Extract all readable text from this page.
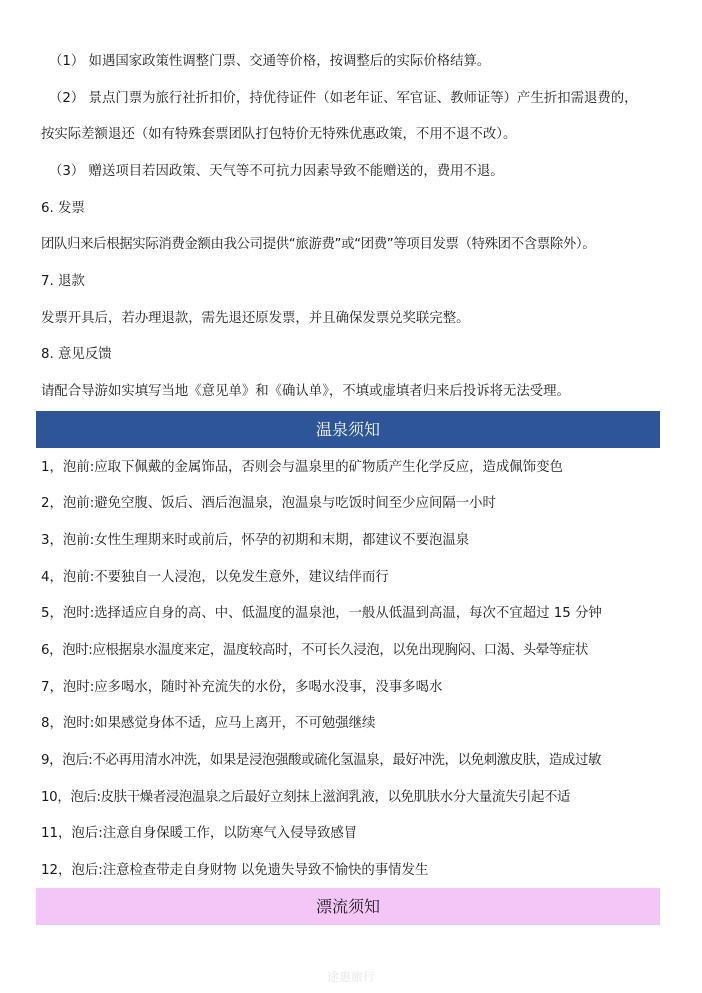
（1） 如遇国家政策性调整门票、交通等价格，按调整后的实际价格结算。
（2） 景点门票为旅行社折扣价，持优待证件（如老年证、军官证、教师证等）产生折扣需退费的，
按实际差额退还（如有特殊套票团队打包特价无特殊优惠政策，不用不退不改）。
（3） 赠送项目若因政策、天气等不可抗力因素导致不能赠送的，费用不退。
6. 发票
团队归来后根据实际消费金额由我公司提供“旅游费”或“团费”等项目发票（特殊团不含票除外）。
7. 退款
发票开具后，若办理退款，需先退还原发票，并且确保发票兑奖联完整。
8. 意见反馈
请配合导游如实填写当地《意见单》和《确认单》，不填或虚填者归来后投诉将无法受理。
温泉须知
1，泡前:应取下佩戴的金属饰品，否则会与温泉里的矿物质产生化学反应，造成佩饰变色
2，泡前:避免空腹、饭后、酒后泡温泉，泡温泉与吃饭时间至少应间隔一小时
3，泡前:女性生理期来时或前后，怀孕的初期和末期，都建议不要泡温泉
4，泡前:不要独自一人浸泡，以免发生意外，建议结伴而行
5，泡时:选择适应自身的高、中、低温度的温泉池，一般从低温到高温，每次不宜超过 15 分钟
6，泡时:应根据泉水温度来定，温度较高时，不可长久浸泡，以免出现胸闷、口渴、头晕等症状
7，泡时:应多喝水，随时补充流失的水份，多喝水没事，没事多喝水
8，泡时:如果感觉身体不适，应马上离开，不可勉强继续
9，泡后:不必再用清水冲洗，如果是浸泡强酸或硫化氢温泉，最好冲洗，以免刺激皮肤，造成过敏
10，泡后:皮肤干燥者浸泡温泉之后最好立刻抹上滋润乳液，以免肌肤水分大量流失引起不适
11，泡后:注意自身保暖工作，以防寒气入侵导致感冒
12，泡后:注意检查带走自身财物 以免遗失导致不愉快的事情发生
漂流须知
途惠旅行
